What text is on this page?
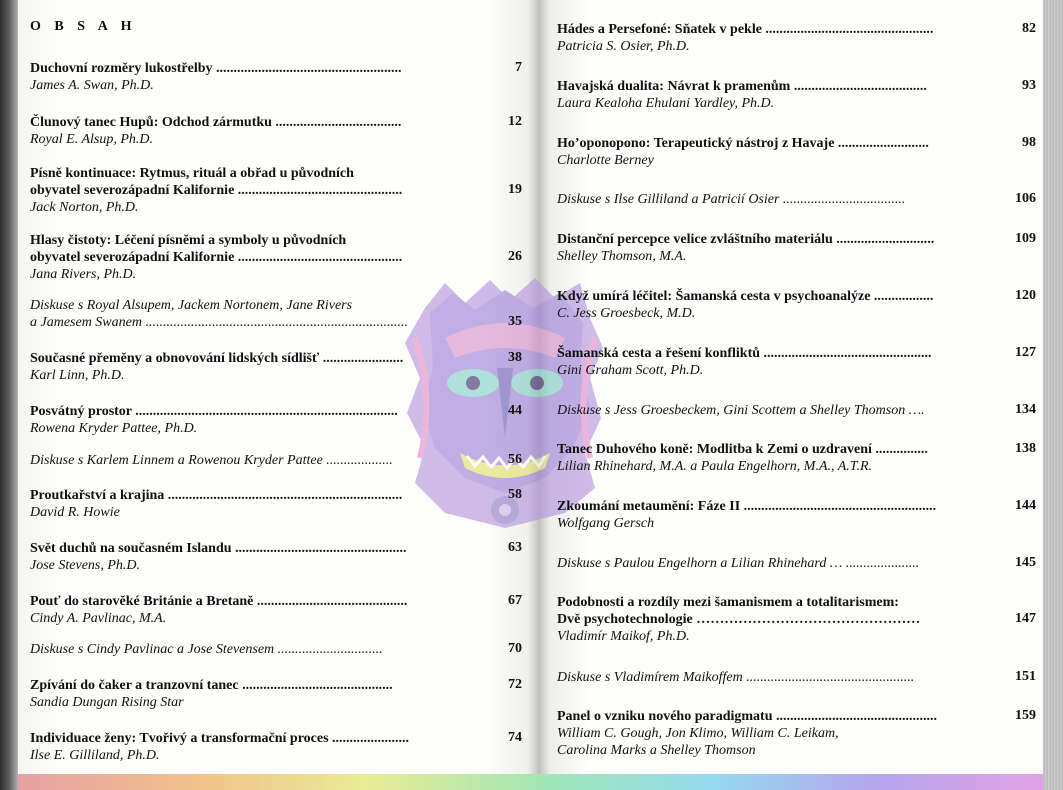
O B S A H
Duchovní rozměry lukostřelby .....................................................
James A. Swan, Ph.D.
7
Člunový tanec Hupů: Odchod zármutku ....................................
Royal E. Alsup, Ph.D.
12
Písně kontinuace: Rytmus, rituál a obřad u původních
obyvatel severozápadní Kalifornie ...............................................
Jack Norton, Ph.D.
19
Hlasy čistoty: Léčení písněmi a symboly u původních
obyvatel severozápadní Kalifornie ...............................................
Jana Rivers, Ph.D.
26
Diskuse s Royal Alsupem, Jackem Nortonem, Jane Rivers
a Jamesem Swanem ...........................................................................	35
Současné přeměny a obnovování lidských sídlišť .......................
Karl Linn, Ph.D.
38
Posvátný prostor ...........................................................................
Rowena Kryder Pattee, Ph.D.
44
Diskuse s Karlem Linnem a Rowenou Kryder Pattee ...................	56
Proutkařství a krajina ...................................................................
David R. Howie
58
Svět duchů na současném Islandu .................................................
Jose Stevens, Ph.D.
63
Pouť do starověké Británie a Bretaně ...........................................
Cindy A. Pavlinac, M.A.
67
Diskuse s Cindy Pavlinac a Jose Stevensem ..............................	70
Zpívání do čaker a tranzovní tanec ...........................................
Sandia Dungan Rising Star
72
Individuace ženy: Tvořivý a transformační proces ......................
Ilse E. Gilliland, Ph.D.
74
Hádes a Persefoné: Sňatek v pekle ................................................
Patricia S. Osier, Ph.D.
82
Havajská dualita: Návrat k pramenům ......................................
Laura Kealoha Ehulani Yardley, Ph.D.
93
Ho’oponopono: Terapeutický nástroj z Havaje ..........................
Charlotte Berney
98
Diskuse s Ilse Gilliland a Patricií Osier ...................................	106
Distanční percepce velice zvláštního materiálu ............................
Shelley Thomson, M.A.
109
Když umírá léčitel: Šamanská cesta v psychoanalýze .................
C. Jess Groesbeck, M.D.
120
Šamanská cesta a řešení konfliktů ................................................
Gini Graham Scott, Ph.D.
127
Diskuse s Jess Groesbeckem, Gini Scottem a Shelley Thomson ….	134
Tanec Duhového koně: Modlitba k Zemi o uzdravení ...............
Lilian Rhinehard, M.A. a Paula Engelhorn, M.A., A.T.R.
138
Zkoumání metaumění: Fáze II .......................................................
Wolfgang Gersch
144
Diskuse s Paulou Engelhorn a Lilian Rhinehard … .....................	145
Podobnosti a rozdíly mezi šamanismem a totalitarismem:
Dvě psychotechnologie …………………………………………
Vladimír Maikof, Ph.D.
147
Diskuse s Vladimírem Maikoffem ................................................	151
Panel o vzniku nového paradigmatu ..............................................
William C. Gough, Jon Klimo, William C. Leikam,
Carolina Marks a Shelley Thomson
159
